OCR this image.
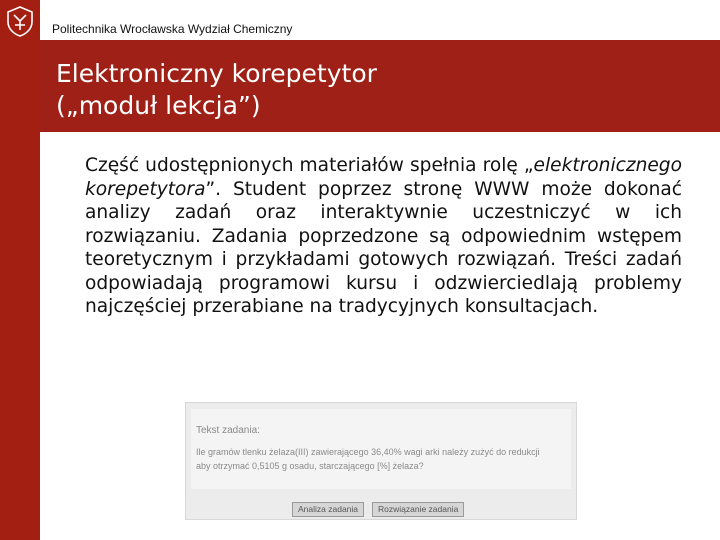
Politechnika Wrocławska Wydział Chemiczny
Elektroniczny korepetytor
(„moduł lekcja”)
Część udostępnionych materiałów spełnia rolę „elektronicznego korepetytora”. Student poprzez stronę WWW może dokonać analizy zadań oraz interaktywnie uczestniczyć w ich rozwiązaniu. Zadania poprzedzone są odpowiednim wstępem teoretycznym i przykładami gotowych rozwiązań. Treści zadań odpowiadają programowi kursu i odzwierciedlają problemy najczęściej przerabiane na tradycyjnych konsultacjach.
Tekst zadania:
Ile gramów tlenku żelaza(III) zawierającego 36,40% wagi arki należy zużyć do redukcji
aby otrzymać 0,5105 g osadu, starczającego [%] żelaza?
Analiza zadania	Rozwiązanie zadania
